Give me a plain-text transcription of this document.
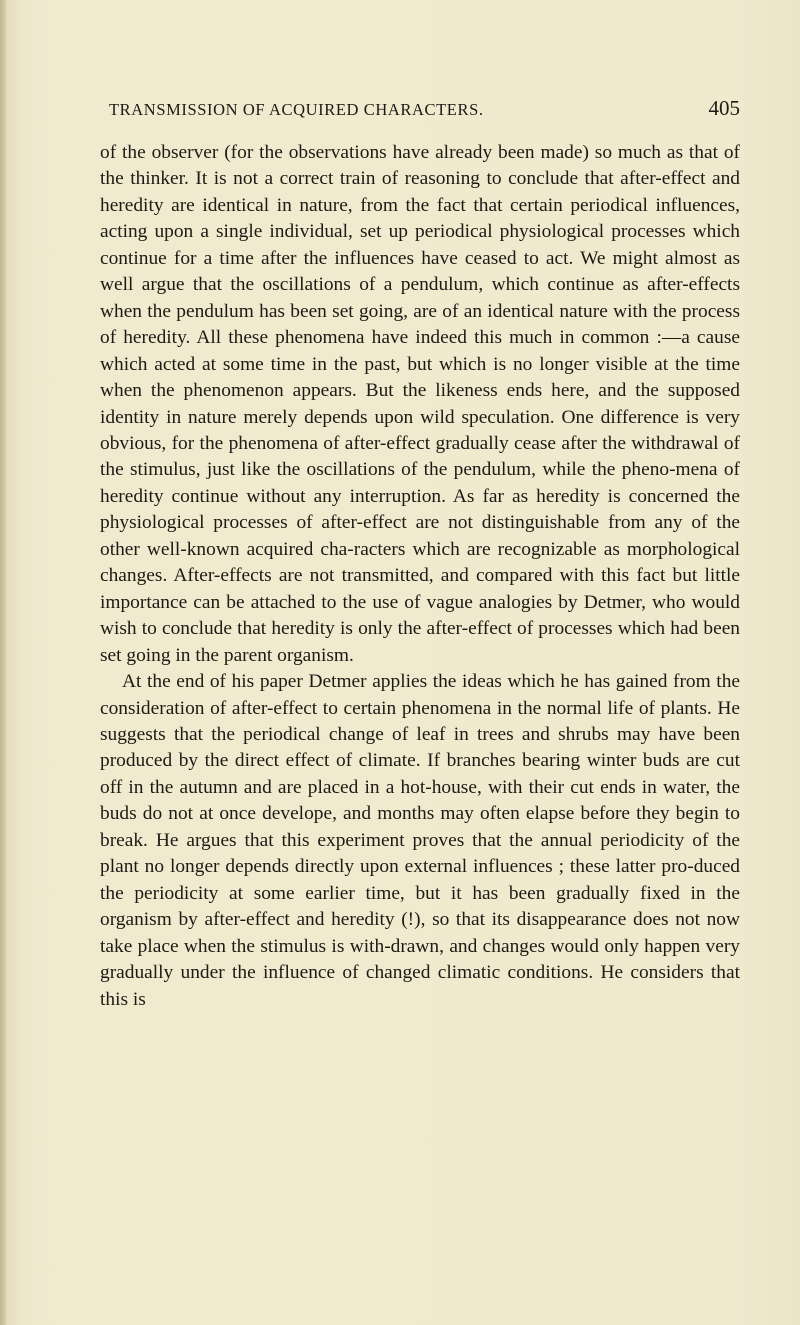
TRANSMISSION OF ACQUIRED CHARACTERS.	405

of the observer (for the observations have already been made) so much as that of the thinker. It is not a correct train of reasoning to conclude that after-effect and heredity are identical in nature, from the fact that certain periodical influences, acting upon a single individual, set up periodical physiological processes which continue for a time after the influences have ceased to act. We might almost as well argue that the oscillations of a pendulum, which continue as after-effects when the pendulum has been set going, are of an identical nature with the process of heredity. All these phenomena have indeed this much in common :—a cause which acted at some time in the past, but which is no longer visible at the time when the phenomenon appears. But the likeness ends here, and the supposed identity in nature merely depends upon wild speculation. One difference is very obvious, for the phenomena of after-effect gradually cease after the withdrawal of the stimulus, just like the oscillations of the pendulum, while the pheno-mena of heredity continue without any interruption. As far as heredity is concerned the physiological processes of after-effect are not distinguishable from any of the other well-known acquired cha-racters which are recognizable as morphological changes. After-effects are not transmitted, and compared with this fact but little importance can be attached to the use of vague analogies by Detmer, who would wish to conclude that heredity is only the after-effect of processes which had been set going in the parent organism.

At the end of his paper Detmer applies the ideas which he has gained from the consideration of after-effect to certain phenomena in the normal life of plants. He suggests that the periodical change of leaf in trees and shrubs may have been produced by the direct effect of climate. If branches bearing winter buds are cut off in the autumn and are placed in a hot-house, with their cut ends in water, the buds do not at once develope, and months may often elapse before they begin to break. He argues that this experiment proves that the annual periodicity of the plant no longer depends directly upon external influences ; these latter pro-duced the periodicity at some earlier time, but it has been gradually fixed in the organism by after-effect and heredity (!), so that its disappearance does not now take place when the stimulus is with-drawn, and changes would only happen very gradually under the influence of changed climatic conditions. He considers that this is
